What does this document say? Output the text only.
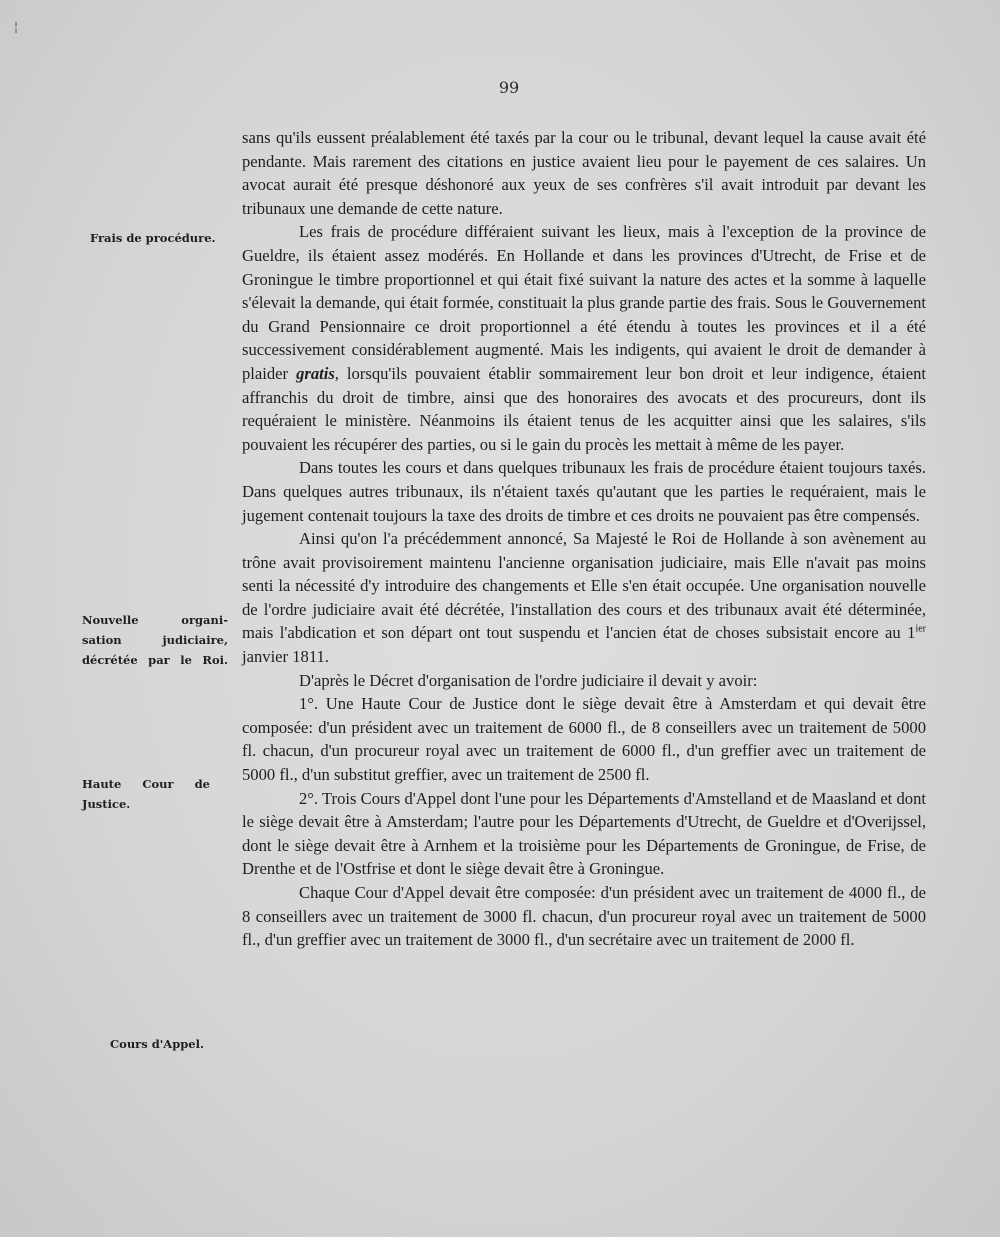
¦
99
Frais de procédure.
Nouvelle organi-
sation judiciaire,
décrétée par le Roi.
Haute Cour de
Justice.
Cours d'Appel.

sans qu'ils eussent préalablement été taxés par la cour ou le tribunal, devant lequel la cause avait été pendante. Mais rarement des citations en justice avaient lieu pour le payement de ces salaires. Un avocat aurait été presque déshonoré aux yeux de ses confrères s'il avait introduit par devant les tribunaux une demande de cette nature.

Les frais de procédure différaient suivant les lieux, mais à l'exception de la province de Gueldre, ils étaient assez modérés. En Hollande et dans les provinces d'Utrecht, de Frise et de Groningue le timbre proportionnel et qui était fixé suivant la nature des actes et la somme à laquelle s'élevait la demande, qui était formée, constituait la plus grande partie des frais. Sous le Gouvernement du Grand Pensionnaire ce droit proportionnel a été étendu à toutes les provinces et il a été successivement considérablement augmenté. Mais les indigents, qui avaient le droit de demander à plaider gratis, lorsqu'ils pouvaient établir sommairement leur bon droit et leur indigence, étaient affranchis du droit de timbre, ainsi que des honoraires des avocats et des procureurs, dont ils requéraient le ministère. Néanmoins ils étaient tenus de les acquitter ainsi que les salaires, s'ils pouvaient les récupérer des parties, ou si le gain du procès les mettait à même de les payer.

Dans toutes les cours et dans quelques tribunaux les frais de procédure étaient toujours taxés. Dans quelques autres tribunaux, ils n'étaient taxés qu'autant que les parties le requéraient, mais le jugement contenait toujours la taxe des droits de timbre et ces droits ne pouvaient pas être compensés.

Ainsi qu'on l'a précédemment annoncé, Sa Majesté le Roi de Hollande à son avènement au trône avait provisoirement maintenu l'ancienne organisation judiciaire, mais Elle n'avait pas moins senti la nécessité d'y introduire des changements et Elle s'en était occupée. Une organisation nouvelle de l'ordre judiciaire avait été décrétée, l'installation des cours et des tribunaux avait été déterminée, mais l'abdication et son départ ont tout suspendu et l'ancien état de choses subsistait encore au $1^{ier}$ janvier 1811.

D'après le Décret d'organisation de l'ordre judiciaire il devait y avoir:

1°. Une Haute Cour de Justice dont le siège devait être à Amsterdam et qui devait être composée: d'un président avec un traitement de 6000 fl., de 8 conseillers avec un traitement de 5000 fl. chacun, d'un procureur royal avec un traitement de 6000 fl., d'un greffier avec un traitement de 5000 fl., d'un substitut greffier, avec un traitement de 2500 fl.

2°. Trois Cours d'Appel dont l'une pour les Départements d'Amstelland et de Maasland et dont le siège devait être à Amsterdam; l'autre pour les Départements d'Utrecht, de Gueldre et d'Overijssel, dont le siège devait être à Arnhem et la troisième pour les Départements de Groningue, de Frise, de Drenthe et de l'Ostfrise et dont le siège devait être à Groningue.

Chaque Cour d'Appel devait être composée: d'un président avec un traitement de 4000 fl., de 8 conseillers avec un traitement de 3000 fl. chacun, d'un procureur royal avec un traitement de 5000 fl., d'un greffier avec un traitement de 3000 fl., d'un secrétaire avec un traitement de 2000 fl.
